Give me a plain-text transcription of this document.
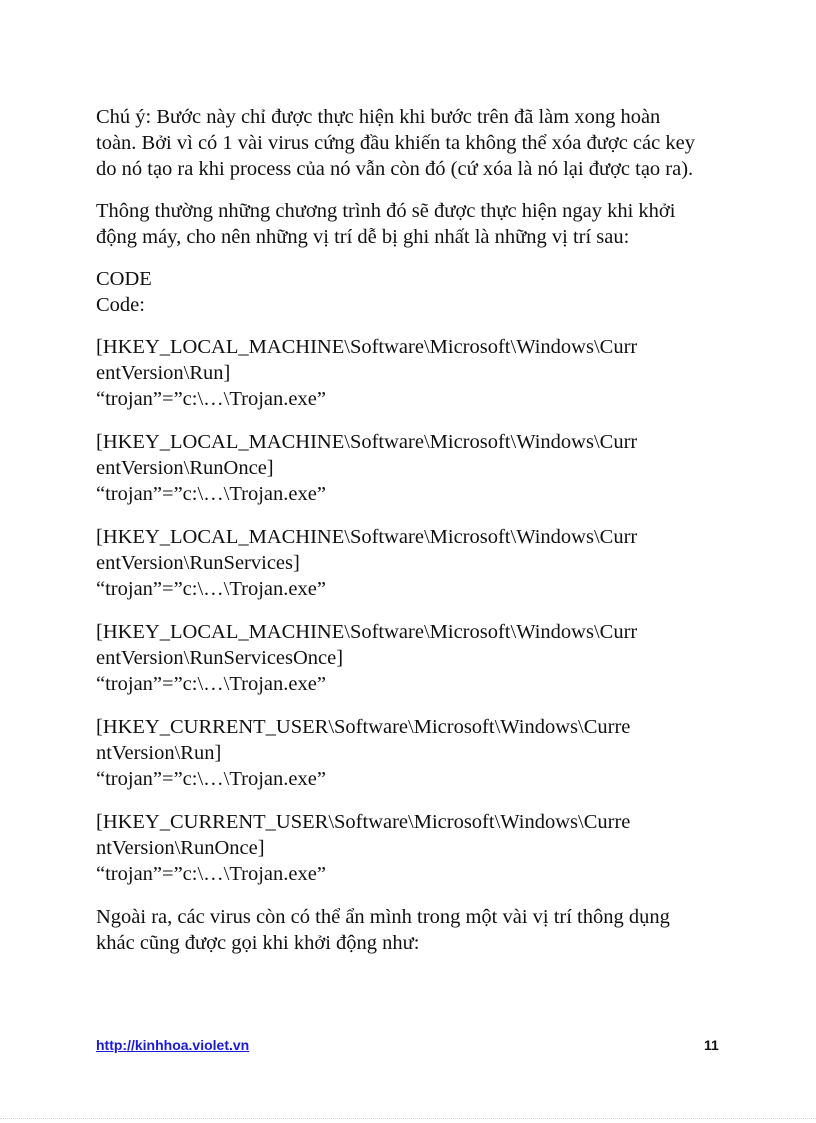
Chú ý: Bước này chỉ được thực hiện khi bước trên đã làm xong hoàn
toàn. Bởi vì có 1 vài virus cứng đầu khiến ta không thể xóa được các key
do nó tạo ra khi process của nó vẫn còn đó (cứ xóa là nó lại được tạo ra).

Thông thường những chương trình đó sẽ được thực hiện ngay khi khởi
động máy, cho nên những vị trí dễ bị ghi nhất là những vị trí sau:

CODE
Code:

[HKEY_LOCAL_MACHINE\Software\Microsoft\Windows\Curr
entVersion\Run]
“trojan”=”c:\…\Trojan.exe”
[HKEY_LOCAL_MACHINE\Software\Microsoft\Windows\Curr
entVersion\RunOnce]
“trojan”=”c:\…\Trojan.exe”
[HKEY_LOCAL_MACHINE\Software\Microsoft\Windows\Curr
entVersion\RunServices]
“trojan”=”c:\…\Trojan.exe”
[HKEY_LOCAL_MACHINE\Software\Microsoft\Windows\Curr
entVersion\RunServicesOnce]
“trojan”=”c:\…\Trojan.exe”
[HKEY_CURRENT_USER\Software\Microsoft\Windows\Curre
ntVersion\Run]
“trojan”=”c:\…\Trojan.exe”
[HKEY_CURRENT_USER\Software\Microsoft\Windows\Curre
ntVersion\RunOnce]
“trojan”=”c:\…\Trojan.exe”

Ngoài ra, các virus còn có thể ẩn mình trong một vài vị trí thông dụng
khác cũng được gọi khi khởi động như:

http://kinhhoa.violet.vn	11
